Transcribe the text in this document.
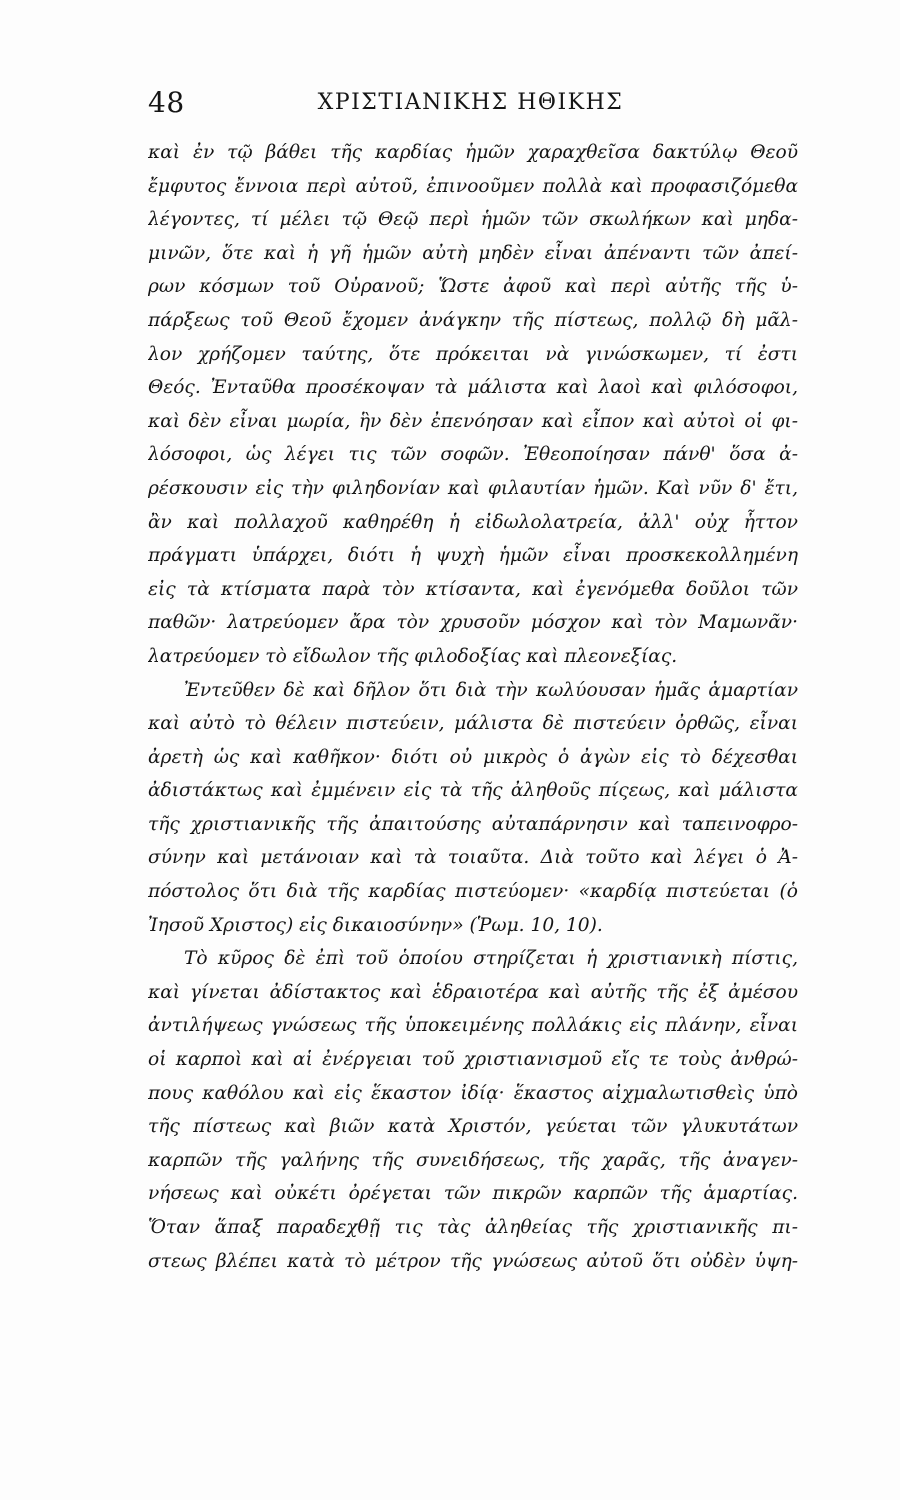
48	ΧΡΙΣΤΙΑΝΙΚΗΣ ΗΘΙΚΗΣ
καὶ ἐν τῷ βάθει τῆς καρδίας ἡμῶν χαραχθεῖσα δακτύλῳ Θεοῦ
ἔμφυτος ἔννοια περὶ αὐτοῦ, ἐπινοοῦμεν πολλὰ καὶ προφασιζόμεθα
λέγοντες, τί μέλει τῷ Θεῷ περὶ ἡμῶν τῶν σκωλήκων καὶ μηδα-
μινῶν, ὅτε καὶ ἡ γῆ ἡμῶν αὐτὴ μηδὲν εἶναι ἀπέναντι τῶν ἀπεί-
ρων κόσμων τοῦ Οὐρανοῦ; Ὥστε ἀφοῦ καὶ περὶ αὐτῆς τῆς ὑ-
πάρξεως τοῦ Θεοῦ ἔχομεν ἀνάγκην τῆς πίστεως, πολλῷ δὴ μᾶλ-
λον χρήζομεν ταύτης, ὅτε πρόκειται νὰ γινώσκωμεν, τί ἐστι
Θεός. Ἐνταῦθα προσέκοψαν τὰ μάλιστα καὶ λαοὶ καὶ φιλόσοφοι,
καὶ δὲν εἶναι μωρία, ἣν δὲν ἐπενόησαν καὶ εἶπον καὶ αὐτοὶ οἱ φι-
λόσοφοι, ὡς λέγει τις τῶν σοφῶν. Ἐθεοποίησαν πάνθ' ὅσα ἀ-
ρέσκουσιν εἰς τὴν φιληδονίαν καὶ φιλαυτίαν ἡμῶν. Καὶ νῦν δ' ἔτι,
ἂν καὶ πολλαχοῦ καθηρέθη ἡ εἰδωλολατρεία, ἀλλ' οὐχ ἧττον
πράγματι ὑπάρχει, διότι ἡ ψυχὴ ἡμῶν εἶναι προσκεκολλημένη
εἰς τὰ κτίσματα παρὰ τὸν κτίσαντα, καὶ ἐγενόμεθα δοῦλοι τῶν
παθῶν· λατρεύομεν ἄρα τὸν χρυσοῦν μόσχον καὶ τὸν Μαμωνᾶν·
λατρεύομεν τὸ εἴδωλον τῆς φιλοδοξίας καὶ πλεονεξίας.
Ἐντεῦθεν δὲ καὶ δῆλον ὅτι διὰ τὴν κωλύουσαν ἡμᾶς ἁμαρτίαν
καὶ αὐτὸ τὸ θέλειν πιστεύειν, μάλιστα δὲ πιστεύειν ὀρθῶς, εἶναι
ἀρετὴ ὡς καὶ καθῆκον· διότι οὐ μικρὸς ὁ ἀγὼν εἰς τὸ δέχεσθαι
ἀδιστάκτως καὶ ἐμμένειν εἰς τὰ τῆς ἀληθοῦς πίςεως, καὶ μάλιστα
τῆς χριστιανικῆς τῆς ἀπαιτούσης αὐταπάρνησιν καὶ ταπεινοφρο-
σύνην καὶ μετάνοιαν καὶ τὰ τοιαῦτα. Διὰ τοῦτο καὶ λέγει ὁ Ἀ-
πόστολος ὅτι διὰ τῆς καρδίας πιστεύομεν· «καρδίᾳ πιστεύεται (ὁ
Ἰησοῦ Χριστος) εἰς δικαιοσύνην» (Ῥωμ. 10, 10).
Τὸ κῦρος δὲ ἐπὶ τοῦ ὁποίου στηρίζεται ἡ χριστιανικὴ πίστις,
καὶ γίνεται ἀδίστακτος καὶ ἑδραιοτέρα καὶ αὐτῆς τῆς ἐξ ἀμέσου
ἀντιλήψεως γνώσεως τῆς ὑποκειμένης πολλάκις εἰς πλάνην, εἶναι
οἱ καρποὶ καὶ αἱ ἐνέργειαι τοῦ χριστιανισμοῦ εἴς τε τοὺς ἀνθρώ-
πους καθόλου καὶ εἰς ἕκαστον ἰδίᾳ· ἕκαστος αἰχμαλωτισθεὶς ὑπὸ
τῆς πίστεως καὶ βιῶν κατὰ Χριστόν, γεύεται τῶν γλυκυτάτων
καρπῶν τῆς γαλήνης τῆς συνειδήσεως, τῆς χαρᾶς, τῆς ἀναγεν-
νήσεως καὶ οὐκέτι ὀρέγεται τῶν πικρῶν καρπῶν τῆς ἁμαρτίας.
Ὅταν ἅπαξ παραδεχθῇ τις τὰς ἀληθείας τῆς χριστιανικῆς πι-
στεως βλέπει κατὰ τὸ μέτρον τῆς γνώσεως αὐτοῦ ὅτι οὐδὲν ὑψη-
